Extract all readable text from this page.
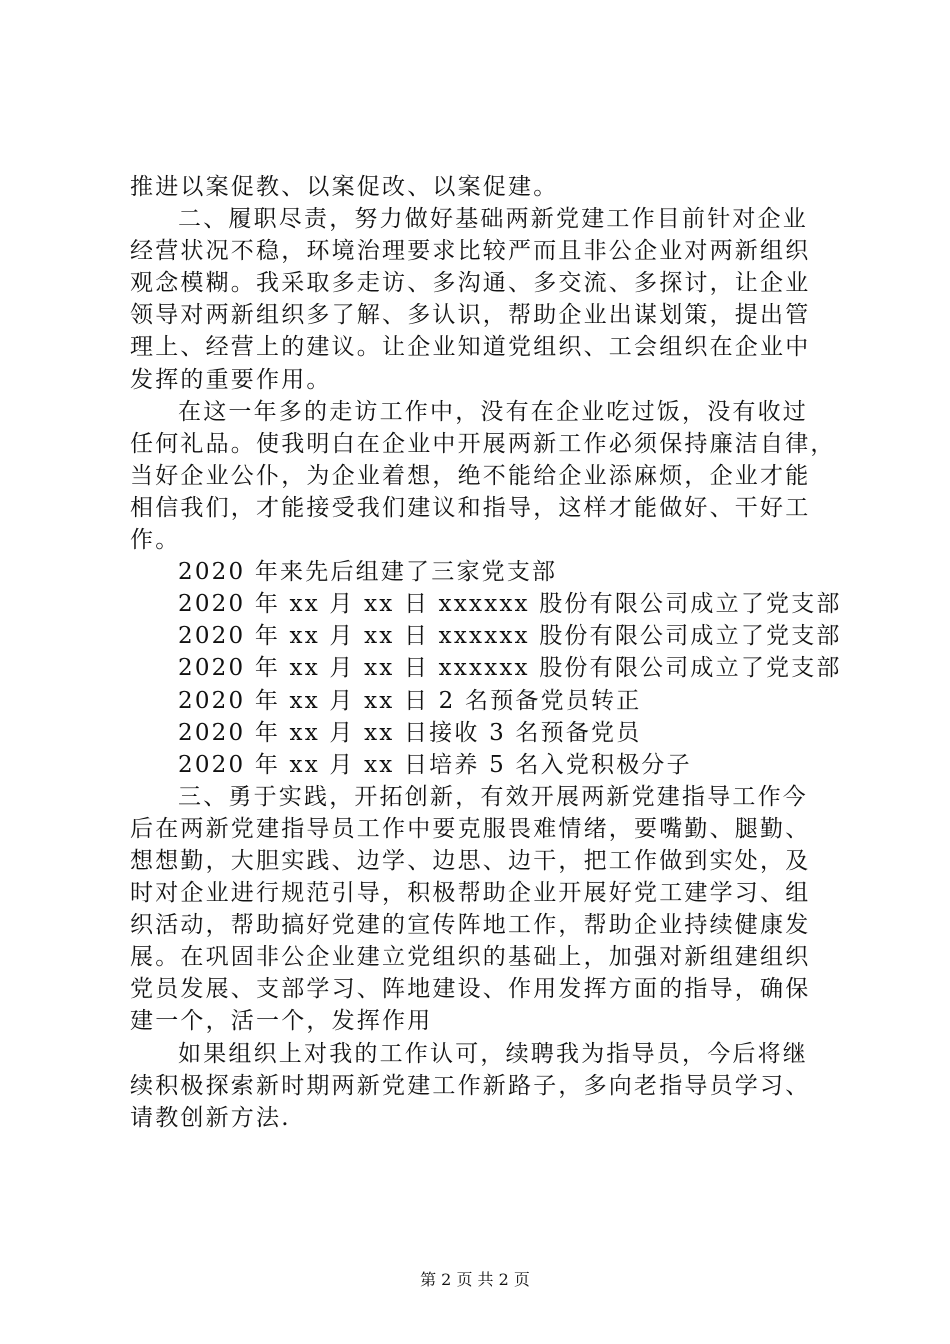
推进以案促教、以案促改、以案促建。
二、履职尽责，努力做好基础两新党建工作目前针对企业
经营状况不稳，环境治理要求比较严而且非公企业对两新组织
观念模糊。我采取多走访、多沟通、多交流、多探讨，让企业
领导对两新组织多了解、多认识，帮助企业出谋划策，提出管
理上、经营上的建议。让企业知道党组织、工会组织在企业中
发挥的重要作用。
在这一年多的走访工作中，没有在企业吃过饭，没有收过
任何礼品。使我明白在企业中开展两新工作必须保持廉洁自律，
当好企业公仆，为企业着想，绝不能给企业添麻烦，企业才能
相信我们，才能接受我们建议和指导，这样才能做好、干好工
作。
2020 年来先后组建了三家党支部
2020 年 xx 月 xx 日 xxxxxx 股份有限公司成立了党支部
2020 年 xx 月 xx 日 xxxxxx 股份有限公司成立了党支部
2020 年 xx 月 xx 日 xxxxxx 股份有限公司成立了党支部
2020 年 xx 月 xx 日 2 名预备党员转正
2020 年 xx 月 xx 日接收 3 名预备党员
2020 年 xx 月 xx 日培养 5 名入党积极分子
三、勇于实践，开拓创新，有效开展两新党建指导工作今
后在两新党建指导员工作中要克服畏难情绪，要嘴勤、腿勤、
想想勤，大胆实践、边学、边思、边干，把工作做到实处，及
时对企业进行规范引导，积极帮助企业开展好党工建学习、组
织活动，帮助搞好党建的宣传阵地工作，帮助企业持续健康发
展。在巩固非公企业建立党组织的基础上，加强对新组建组织
党员发展、支部学习、阵地建设、作用发挥方面的指导，确保
建一个，活一个，发挥作用
如果组织上对我的工作认可，续聘我为指导员，今后将继
续积极探索新时期两新党建工作新路子，多向老指导员学习、
请教创新方法.
第 2 页 共 2 页
